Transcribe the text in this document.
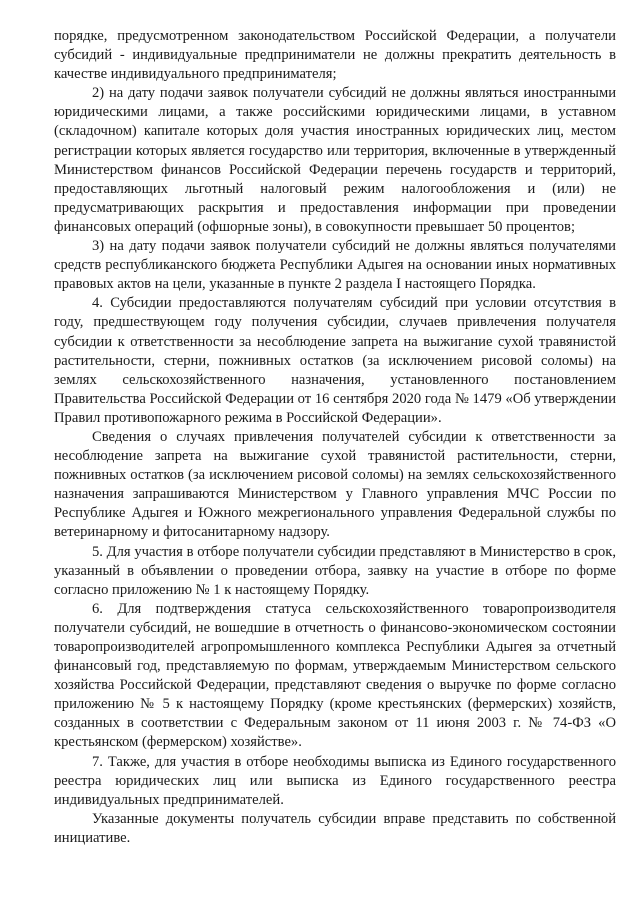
порядке, предусмотренном законодательством Российской Федерации, а получатели субсидий - индивидуальные предприниматели не должны прекратить деятельность в качестве индивидуального предпринимателя;

2) на дату подачи заявок получатели субсидий не должны являться иностранными юридическими лицами, а также российскими юридическими лицами, в уставном (складочном) капитале которых доля участия иностранных юридических лиц, местом регистрации которых является государство или территория, включенные в утвержденный Министерством финансов Российской Федерации перечень государств и территорий, предоставляющих льготный налоговый режим налогообложения и (или) не предусматривающих раскрытия и предоставления информации при проведении финансовых операций (офшорные зоны), в совокупности превышает 50 процентов;

3) на дату подачи заявок получатели субсидий не должны являться получателями средств республиканского бюджета Республики Адыгея на основании иных нормативных правовых актов на цели, указанные в пункте 2 раздела I настоящего Порядка.

4. Субсидии предоставляются получателям субсидий при условии отсутствия в году, предшествующем году получения субсидии, случаев привлечения получателя субсидии к ответственности за несоблюдение запрета на выжигание сухой травянистой растительности, стерни, пожнивных остатков (за исключением рисовой соломы) на землях сельскохозяйственного назначения, установленного постановлением Правительства Российской Федерации от 16 сентября 2020 года № 1479 «Об утверждении Правил противопожарного режима в Российской Федерации».

Сведения о случаях привлечения получателей субсидии к ответственности за несоблюдение запрета на выжигание сухой травянистой растительности, стерни, пожнивных остатков (за исключением рисовой соломы) на землях сельскохозяйственного назначения запрашиваются Министерством у Главного управления МЧС России по Республике Адыгея и Южного межрегионального управления Федеральной службы по ветеринарному и фитосанитарному надзору.

5. Для участия в отборе получатели субсидии представляют в Министерство в срок, указанный в объявлении о проведении отбора, заявку на участие в отборе по форме согласно приложению № 1 к настоящему Порядку.

6. Для подтверждения статуса сельскохозяйственного товаропроизводителя получатели субсидий, не вошедшие в отчетность о финансово-экономическом состоянии товаропроизводителей агропромышленного комплекса Республики Адыгея за отчетный финансовый год, представляемую по формам, утверждаемым Министерством сельского хозяйства Российской Федерации, представляют сведения о выручке по форме согласно приложению № 5 к настоящему Порядку (кроме крестьянских (фермерских) хозяйств, созданных в соответствии с Федеральным законом от 11 июня 2003 г. № 74-ФЗ «О крестьянском (фермерском) хозяйстве».

7. Также, для участия в отборе необходимы выписка из Единого государственного реестра юридических лиц или выписка из Единого государственного реестра индивидуальных предпринимателей.

Указанные документы получатель субсидии вправе представить по собственной инициативе.
